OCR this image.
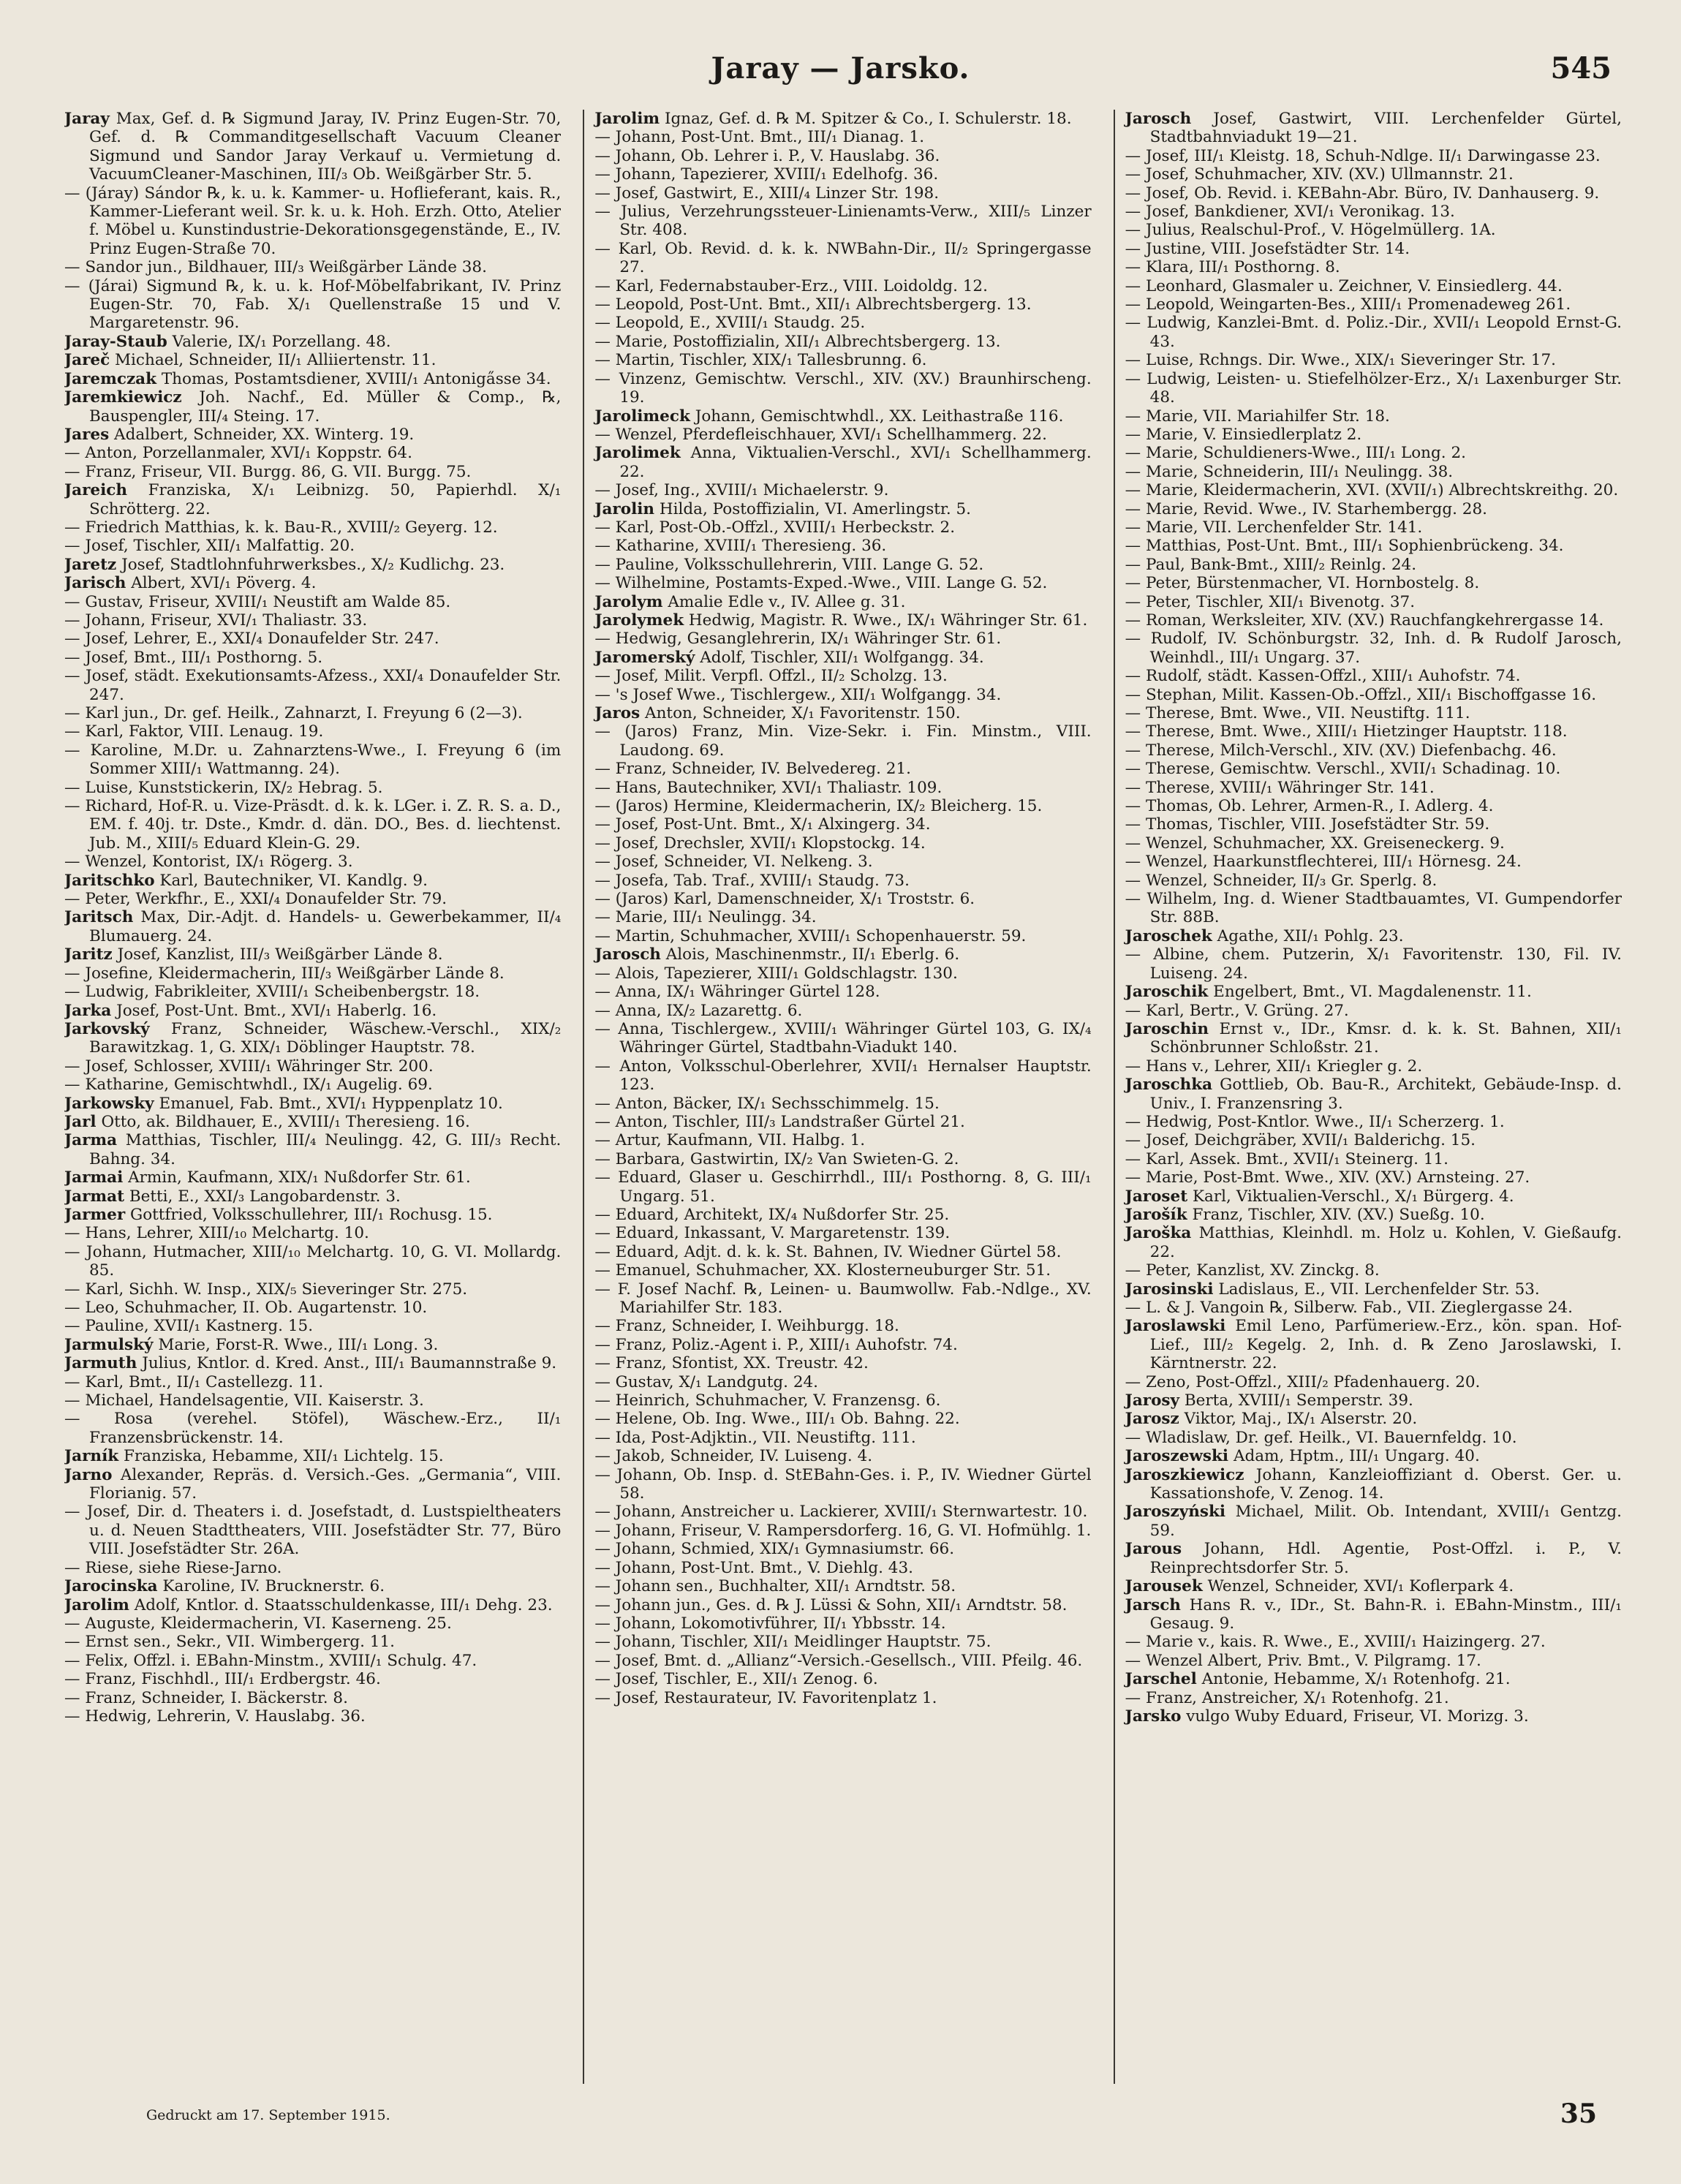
Jaray — Jarsko.	545

Jaray Max, Gef. d. ℞ Sigmund Jaray, IV. Prinz Eugen-Str. 70, Gef. d. ℞ Commanditgesellschaft Vacuum Cleaner Sigmund und Sandor Jaray Verkauf u. Vermietung d. VacuumCleaner-Maschinen, III/₃ Ob. Weißgärber Str. 5.

— (Járay) Sándor ℞, k. u. k. Kammer- u. Hoflieferant, kais. R., Kammer-Lieferant weil. Sr. k. u. k. Hoh. Erzh. Otto, Atelier f. Möbel u. Kunstindustrie-Dekorationsgegenstände, E., IV. Prinz Eugen-Straße 70.

— Sandor jun., Bildhauer, III/₃ Weißgärber Lände 38.

— (Járai) Sigmund ℞, k. u. k. Hof-Möbelfabrikant, IV. Prinz Eugen-Str. 70, Fab. X/₁ Quellenstraße 15 und V. Margaretenstr. 96.

Jaray-Staub Valerie, IX/₁ Porzellang. 48.

Jareč Michael, Schneider, II/₁ Alliiertenstr. 11.

Jaremczak Thomas, Postamtsdiener, XVIII/₁ Antoniga̋sse 34.

Jaremkiewicz Joh. Nachf., Ed. Müller & Comp., ℞, Bauspengler, III/₄ Steing. 17.

Jares Adalbert, Schneider, XX. Winterg. 19.

— Anton, Porzellanmaler, XVI/₁ Koppstr. 64.

— Franz, Friseur, VII. Burgg. 86, G. VII. Burgg. 75.

Jareich Franziska, X/₁ Leibnizg. 50, Papierhdl. X/₁ Schrötterg. 22.

— Friedrich Matthias, k. k. Bau-R., XVIII/₂ Geyerg. 12.

— Josef, Tischler, XII/₁ Malfattig. 20.

Jaretz Josef, Stadtlohnfuhrwerksbes., X/₂ Kudlichg. 23.

Jarisch Albert, XVI/₁ Pöverg. 4.

— Gustav, Friseur, XVIII/₁ Neustift am Walde 85.

— Johann, Friseur, XVI/₁ Thaliastr. 33.

— Josef, Lehrer, E., XXI/₄ Donaufelder Str. 247.

— Josef, Bmt., III/₁ Posthorng. 5.

— Josef, städt. Exekutionsamts-Afzess., XXI/₄ Donaufelder Str. 247.

— Karl jun., Dr. gef. Heilk., Zahnarzt, I. Freyung 6 (2—3).

— Karl, Faktor, VIII. Lenaug. 19.

— Karoline, M.Dr. u. Zahnarztens-Wwe., I. Freyung 6 (im Sommer XIII/₁ Wattmanng. 24).

— Luise, Kunststickerin, IX/₂ Hebrag. 5.

— Richard, Hof-R. u. Vize-Präsdt. d. k. k. LGer. i. Z. R. S. a. D., EM. f. 40j. tr. Dste., Kmdr. d. dän. DO., Bes. d. liechtenst. Jub. M., XIII/₅ Eduard Klein-G. 29.

— Wenzel, Kontorist, IX/₁ Rögerg. 3.

Jaritschko Karl, Bautechniker, VI. Kandlg. 9.

— Peter, Werkfhr., E., XXI/₄ Donaufelder Str. 79.

Jaritsch Max, Dir.-Adjt. d. Handels- u. Gewerbekammer, II/₄ Blumauerg. 24.

Jaritz Josef, Kanzlist, III/₃ Weißgärber Lände 8.

— Josefine, Kleidermacherin, III/₃ Weißgärber Lände 8.

— Ludwig, Fabrikleiter, XVIII/₁ Scheibenbergstr. 18.

Jarka Josef, Post-Unt. Bmt., XVI/₁ Haberlg. 16.

Jarkovský Franz, Schneider, Wäschew.-Verschl., XIX/₂ Barawitzkag. 1, G. XIX/₁ Döblinger Hauptstr. 78.

— Josef, Schlosser, XVIII/₁ Währinger Str. 200.

— Katharine, Gemischtwhdl., IX/₁ Augelig. 69.

Jarkowsky Emanuel, Fab. Bmt., XVI/₁ Hyppenplatz 10.

Jarl Otto, ak. Bildhauer, E., XVIII/₁ Theresieng. 16.

Jarma Matthias, Tischler, III/₄ Neulingg. 42, G. III/₃ Recht. Bahng. 34.

Jarmai Armin, Kaufmann, XIX/₁ Nußdorfer Str. 61.

Jarmat Betti, E., XXI/₃ Langobardenstr. 3.

Jarmer Gottfried, Volksschullehrer, III/₁ Rochusg. 15.

— Hans, Lehrer, XIII/₁₀ Melchartg. 10.

— Johann, Hutmacher, XIII/₁₀ Melchartg. 10, G. VI. Mollardg. 85.

— Karl, Sichh. W. Insp., XIX/₅ Sieveringer Str. 275.

— Leo, Schuhmacher, II. Ob. Augartenstr. 10.

— Pauline, XVII/₁ Kastnerg. 15.

Jarmulský Marie, Forst-R. Wwe., III/₁ Long. 3.

Jarmuth Julius, Kntlor. d. Kred. Anst., III/₁ Baumannstraße 9.

— Karl, Bmt., II/₁ Castellezg. 11.

— Michael, Handelsagentie, VII. Kaiserstr. 3.

— Rosa (verehel. Stöfel), Wäschew.-Erz., II/₁ Franzensbrückenstr. 14.

Jarník Franziska, Hebamme, XII/₁ Lichtelg. 15.

Jarno Alexander, Repräs. d. Versich.-Ges. „Germania“, VIII. Florianig. 57.

— Josef, Dir. d. Theaters i. d. Josefstadt, d. Lustspieltheaters u. d. Neuen Stadttheaters, VIII. Josefstädter Str. 77, Büro VIII. Josefstädter Str. 26A.

— Riese, siehe Riese-Jarno.

Jarocinska Karoline, IV. Brucknerstr. 6.

Jarolim Adolf, Kntlor. d. Staatsschuldenkasse, III/₁ Dehg. 23.

— Auguste, Kleidermacherin, VI. Kaserneng. 25.

— Ernst sen., Sekr., VII. Wimbergerg. 11.

— Felix, Offzl. i. EBahn-Minstm., XVIII/₁ Schulg. 47.

— Franz, Fischhdl., III/₁ Erdbergstr. 46.

— Franz, Schneider, I. Bäckerstr. 8.

— Hedwig, Lehrerin, V. Hauslabg. 36.

Jarolim Ignaz, Gef. d. ℞ M. Spitzer & Co., I. Schulerstr. 18.

— Johann, Post-Unt. Bmt., III/₁ Dianag. 1.

— Johann, Ob. Lehrer i. P., V. Hauslabg. 36.

— Johann, Tapezierer, XVIII/₁ Edelhofg. 36.

— Josef, Gastwirt, E., XIII/₄ Linzer Str. 198.

— Julius, Verzehrungssteuer-Linienamts-Verw., XIII/₅ Linzer Str. 408.

— Karl, Ob. Revid. d. k. k. NWBahn-Dir., II/₂ Springergasse 27.

— Karl, Federnabstauber-Erz., VIII. Loidoldg. 12.

— Leopold, Post-Unt. Bmt., XII/₁ Albrechtsbergerg. 13.

— Leopold, E., XVIII/₁ Staudg. 25.

— Marie, Postoffizialin, XII/₁ Albrechtsbergerg. 13.

— Martin, Tischler, XIX/₁ Tallesbrunng. 6.

— Vinzenz, Gemischtw. Verschl., XIV. (XV.) Braunhirscheng. 19.

Jarolimeck Johann, Gemischtwhdl., XX. Leithastraße 116.

— Wenzel, Pferdefleischhauer, XVI/₁ Schellhammerg. 22.

Jarolimek Anna, Viktualien-Verschl., XVI/₁ Schellhammerg. 22.

— Josef, Ing., XVIII/₁ Michaelerstr. 9.

Jarolin Hilda, Postoffizialin, VI. Amerlingstr. 5.

— Karl, Post-Ob.-Offzl., XVIII/₁ Herbeckstr. 2.

— Katharine, XVIII/₁ Theresieng. 36.

— Pauline, Volksschullehrerin, VIII. Lange G. 52.

— Wilhelmine, Postamts-Exped.-Wwe., VIII. Lange G. 52.

Jarolym Amalie Edle v., IV. Allee g. 31.

Jarolymek Hedwig, Magistr. R. Wwe., IX/₁ Währinger Str. 61.

— Hedwig, Gesanglehrerin, IX/₁ Währinger Str. 61.

Jaromerský Adolf, Tischler, XII/₁ Wolfgangg. 34.

— Josef, Milit. Verpfl. Offzl., II/₂ Scholzg. 13.

— 's Josef Wwe., Tischlergew., XII/₁ Wolfgangg. 34.

Jaros Anton, Schneider, X/₁ Favoritenstr. 150.

— (Jaros) Franz, Min. Vize-Sekr. i. Fin. Minstm., VIII. Laudong. 69.

— Franz, Schneider, IV. Belvedereg. 21.

— Hans, Bautechniker, XVI/₁ Thaliastr. 109.

— (Jaros) Hermine, Kleidermacherin, IX/₂ Bleicherg. 15.

— Josef, Post-Unt. Bmt., X/₁ Alxingerg. 34.

— Josef, Drechsler, XVII/₁ Klopstockg. 14.

— Josef, Schneider, VI. Nelkeng. 3.

— Josefa, Tab. Traf., XVIII/₁ Staudg. 73.

— (Jaros) Karl, Damenschneider, X/₁ Troststr. 6.

— Marie, III/₁ Neulingg. 34.

— Martin, Schuhmacher, XVIII/₁ Schopenhauerstr. 59.

Jarosch Alois, Maschinenmstr., II/₁ Eberlg. 6.

— Alois, Tapezierer, XIII/₁ Goldschlagstr. 130.

— Anna, IX/₁ Währinger Gürtel 128.

— Anna, IX/₂ Lazarettg. 6.

— Anna, Tischlergew., XVIII/₁ Währinger Gürtel 103, G. IX/₄ Währinger Gürtel, Stadtbahn-Viadukt 140.

— Anton, Volksschul-Oberlehrer, XVII/₁ Hernalser Hauptstr. 123.

— Anton, Bäcker, IX/₁ Sechsschimmelg. 15.

— Anton, Tischler, III/₃ Landstraßer Gürtel 21.

— Artur, Kaufmann, VII. Halbg. 1.

— Barbara, Gastwirtin, IX/₂ Van Swieten-G. 2.

— Eduard, Glaser u. Geschirrhdl., III/₁ Posthorng. 8, G. III/₁ Ungarg. 51.

— Eduard, Architekt, IX/₄ Nußdorfer Str. 25.

— Eduard, Inkassant, V. Margaretenstr. 139.

— Eduard, Adjt. d. k. k. St. Bahnen, IV. Wiedner Gürtel 58.

— Emanuel, Schuhmacher, XX. Klosterneuburger Str. 51.

— F. Josef Nachf. ℞, Leinen- u. Baumwollw. Fab.-Ndlge., XV. Mariahilfer Str. 183.

— Franz, Schneider, I. Weihburgg. 18.

— Franz, Poliz.-Agent i. P., XIII/₁ Auhofstr. 74.

— Franz, Sfontist, XX. Treustr. 42.

— Gustav, X/₁ Landgutg. 24.

— Heinrich, Schuhmacher, V. Franzensg. 6.

— Helene, Ob. Ing. Wwe., III/₁ Ob. Bahng. 22.

— Ida, Post-Adjktin., VII. Neustiftg. 111.

— Jakob, Schneider, IV. Luiseng. 4.

— Johann, Ob. Insp. d. StEBahn-Ges. i. P., IV. Wiedner Gürtel 58.

— Johann, Anstreicher u. Lackierer, XVIII/₁ Sternwartestr. 10.

— Johann, Friseur, V. Rampersdorferg. 16, G. VI. Hofmühlg. 1.

— Johann, Schmied, XIX/₁ Gymnasiumstr. 66.

— Johann, Post-Unt. Bmt., V. Diehlg. 43.

— Johann sen., Buchhalter, XII/₁ Arndtstr. 58.

— Johann jun., Ges. d. ℞ J. Lüssi & Sohn, XII/₁ Arndtstr. 58.

— Johann, Lokomotivführer, II/₁ Ybbsstr. 14.

— Johann, Tischler, XII/₁ Meidlinger Hauptstr. 75.

— Josef, Bmt. d. „Allianz“-Versich.-Gesellsch., VIII. Pfeilg. 46.

— Josef, Tischler, E., XII/₁ Zenog. 6.

— Josef, Restaurateur, IV. Favoritenplatz 1.

Jarosch Josef, Gastwirt, VIII. Lerchenfelder Gürtel, Stadtbahnviadukt 19—21.

— Josef, III/₁ Kleistg. 18, Schuh-Ndlge. II/₁ Darwingasse 23.

— Josef, Schuhmacher, XIV. (XV.) Ullmannstr. 21.

— Josef, Ob. Revid. i. KEBahn-Abr. Büro, IV. Danhauserg. 9.

— Josef, Bankdiener, XVI/₁ Veronikag. 13.

— Julius, Realschul-Prof., V. Högelmüllerg. 1A.

— Justine, VIII. Josefstädter Str. 14.

— Klara, III/₁ Posthorng. 8.

— Leonhard, Glasmaler u. Zeichner, V. Einsiedlerg. 44.

— Leopold, Weingarten-Bes., XIII/₁ Promenadeweg 261.

— Ludwig, Kanzlei-Bmt. d. Poliz.-Dir., XVII/₁ Leopold Ernst-G. 43.

— Luise, Rchngs. Dir. Wwe., XIX/₁ Sieveringer Str. 17.

— Ludwig, Leisten- u. Stiefelhölzer-Erz., X/₁ Laxenburger Str. 48.

— Marie, VII. Mariahilfer Str. 18.

— Marie, V. Einsiedlerplatz 2.

— Marie, Schuldieners-Wwe., III/₁ Long. 2.

— Marie, Schneiderin, III/₁ Neulingg. 38.

— Marie, Kleidermacherin, XVI. (XVII/₁) Albrechtskreithg. 20.

— Marie, Revid. Wwe., IV. Starhembergg. 28.

— Marie, VII. Lerchenfelder Str. 141.

— Matthias, Post-Unt. Bmt., III/₁ Sophienbrückeng. 34.

— Paul, Bank-Bmt., XIII/₂ Reinlg. 24.

— Peter, Bürstenmacher, VI. Hornbostelg. 8.

— Peter, Tischler, XII/₁ Bivenotg. 37.

— Roman, Werksleiter, XIV. (XV.) Rauchfangkehrergasse 14.

— Rudolf, IV. Schönburgstr. 32, Inh. d. ℞ Rudolf Jarosch, Weinhdl., III/₁ Ungarg. 37.

— Rudolf, städt. Kassen-Offzl., XIII/₁ Auhofstr. 74.

— Stephan, Milit. Kassen-Ob.-Offzl., XII/₁ Bischoffgasse 16.

— Therese, Bmt. Wwe., VII. Neustiftg. 111.

— Therese, Bmt. Wwe., XIII/₁ Hietzinger Hauptstr. 118.

— Therese, Milch-Verschl., XIV. (XV.) Diefenbachg. 46.

— Therese, Gemischtw. Verschl., XVII/₁ Schadinag. 10.

— Therese, XVIII/₁ Währinger Str. 141.

— Thomas, Ob. Lehrer, Armen-R., I. Adlerg. 4.

— Thomas, Tischler, VIII. Josefstädter Str. 59.

— Wenzel, Schuhmacher, XX. Greiseneckerg. 9.

— Wenzel, Haarkunstflechterei, III/₁ Hörnesg. 24.

— Wenzel, Schneider, II/₃ Gr. Sperlg. 8.

— Wilhelm, Ing. d. Wiener Stadtbauamtes, VI. Gumpendorfer Str. 88B.

Jaroschek Agathe, XII/₁ Pohlg. 23.

— Albine, chem. Putzerin, X/₁ Favoritenstr. 130, Fil. IV. Luiseng. 24.

Jaroschik Engelbert, Bmt., VI. Magdalenenstr. 11.

— Karl, Bertr., V. Grüng. 27.

Jaroschin Ernst v., IDr., Kmsr. d. k. k. St. Bahnen, XII/₁ Schönbrunner Schloßstr. 21.

— Hans v., Lehrer, XII/₁ Kriegler g. 2.

Jaroschka Gottlieb, Ob. Bau-R., Architekt, Gebäude-Insp. d. Univ., I. Franzensring 3.

— Hedwig, Post-Kntlor. Wwe., II/₁ Scherzerg. 1.

— Josef, Deichgräber, XVII/₁ Balderichg. 15.

— Karl, Assek. Bmt., XVII/₁ Steinerg. 11.

— Marie, Post-Bmt. Wwe., XIV. (XV.) Arnsteing. 27.

Jaroset Karl, Viktualien-Verschl., X/₁ Bürgerg. 4.

Jarošík Franz, Tischler, XIV. (XV.) Sueßg. 10.

Jaroška Matthias, Kleinhdl. m. Holz u. Kohlen, V. Gießaufg. 22.

— Peter, Kanzlist, XV. Zinckg. 8.

Jarosinski Ladislaus, E., VII. Lerchenfelder Str. 53.

— L. & J. Vangoin ℞, Silberw. Fab., VII. Zieglergasse 24.

Jaroslawski Emil Leno, Parfümeriew.-Erz., kön. span. Hof-Lief., III/₂ Kegelg. 2, Inh. d. ℞ Zeno Jaroslawski, I. Kärntnerstr. 22.

— Zeno, Post-Offzl., XIII/₂ Pfadenhauerg. 20.

Jarosy Berta, XVIII/₁ Semperstr. 39.

Jarosz Viktor, Maj., IX/₁ Alserstr. 20.

— Wladislaw, Dr. gef. Heilk., VI. Bauernfeldg. 10.

Jaroszewski Adam, Hptm., III/₁ Ungarg. 40.

Jaroszkiewicz Johann, Kanzleioffiziant d. Oberst. Ger. u. Kassationshofe, V. Zenog. 14.

Jaroszyński Michael, Milit. Ob. Intendant, XVIII/₁ Gentzg. 59.

Jarous Johann, Hdl. Agentie, Post-Offzl. i. P., V. Reinprechtsdorfer Str. 5.

Jarousek Wenzel, Schneider, XVI/₁ Koflerpark 4.

Jarsch Hans R. v., IDr., St. Bahn-R. i. EBahn-Minstm., III/₁ Gesaug. 9.

— Marie v., kais. R. Wwe., E., XVIII/₁ Haizingerg. 27.

— Wenzel Albert, Priv. Bmt., V. Pilgramg. 17.

Jarschel Antonie, Hebamme, X/₁ Rotenhofg. 21.

— Franz, Anstreicher, X/₁ Rotenhofg. 21.

Jarsko vulgo Wuby Eduard, Friseur, VI. Morizg. 3.

Gedruckt am 17. September 1915.	35
